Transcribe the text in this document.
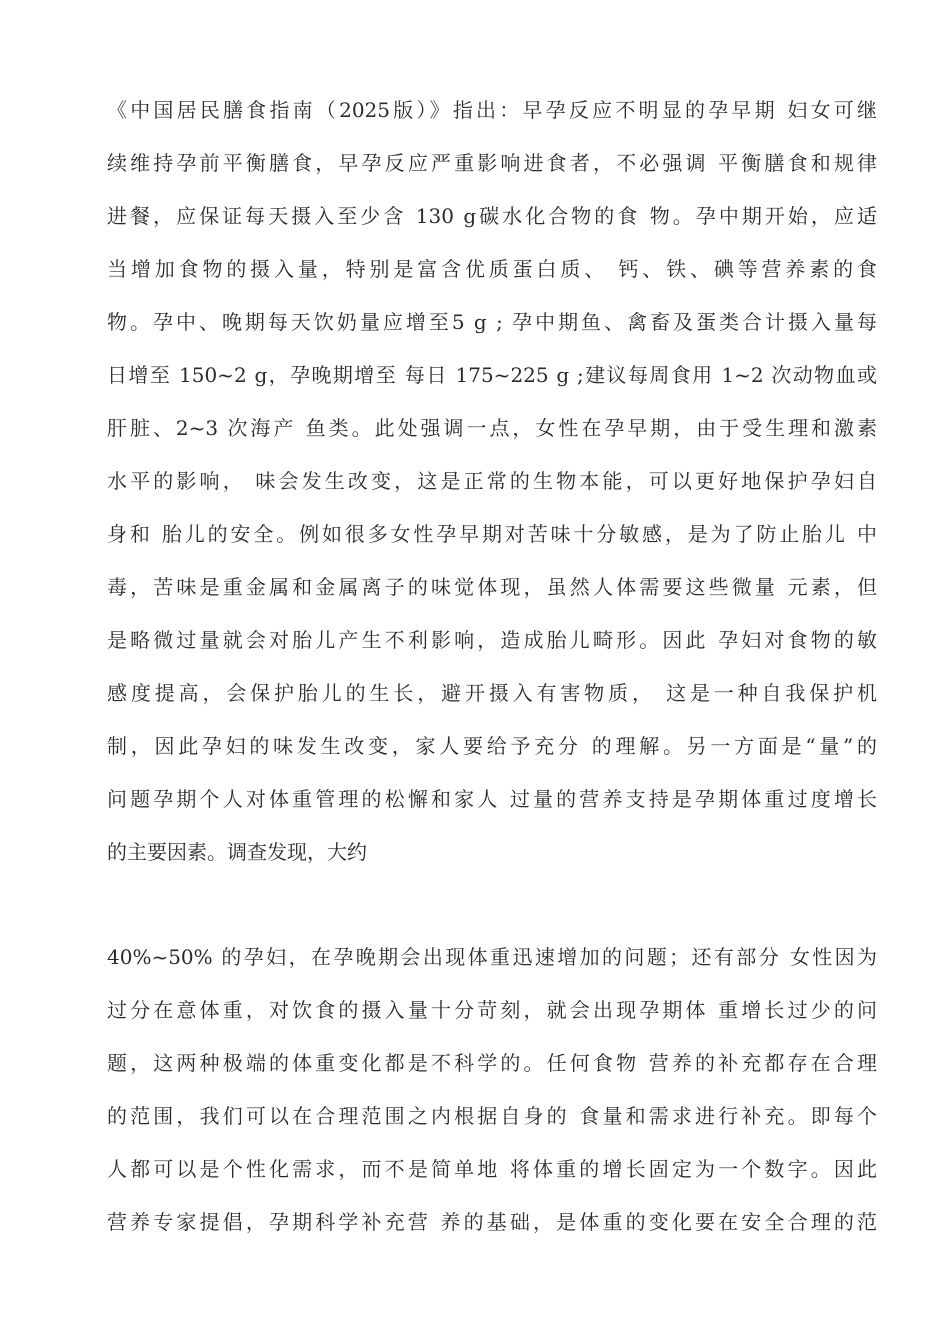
《中国居民膳食指南（2025版）》指出：早孕反应不明显的孕早期 妇女可继
续维持孕前平衡膳食，早孕反应严重影响进食者，不必强调 平衡膳食和规律
进餐，应保证每天摄入至少含 130 g碳水化合物的食 物。孕中期开始，应适
当增加食物的摄入量，特别是富含优质蛋白质、 钙、铁、碘等营养素的食
物。孕中、晚期每天饮奶量应增至5 g ; 孕中期鱼、禽畜及蛋类合计摄入量每
日增至 150~2 g，孕晚期增至 每日 175~225 g ;建议每周食用 1~2 次动物血或
肝脏、2~3 次海产 鱼类。此处强调一点，女性在孕早期，由于受生理和激素
水平的影响， 味会发生改变，这是正常的生物本能，可以更好地保护孕妇自
身和 胎儿的安全。例如很多女性孕早期对苦味十分敏感，是为了防止胎儿 中
毒，苦味是重金属和金属离子的味觉体现，虽然人体需要这些微量 元素，但
是略微过量就会对胎儿产生不利影响，造成胎儿畸形。因此 孕妇对食物的敏
感度提高，会保护胎儿的生长，避开摄入有害物质， 这是一种自我保护机
制，因此孕妇的味发生改变，家人要给予充分 的理解。另一方面是“量”的
问题孕期个人对体重管理的松懈和家人 过量的营养支持是孕期体重过度增长
的主要因素。调查发现，大约
40%~50% 的孕妇，在孕晚期会出现体重迅速增加的问题；还有部分 女性因为
过分在意体重，对饮食的摄入量十分苛刻，就会出现孕期体 重增长过少的问
题，这两种极端的体重变化都是不科学的。任何食物 营养的补充都存在合理
的范围，我们可以在合理范围之内根据自身的 食量和需求进行补充。即每个
人都可以是个性化需求，而不是简单地 将体重的增长固定为一个数字。因此
营养专家提倡，孕期科学补充营 养的基础，是体重的变化要在安全合理的范
